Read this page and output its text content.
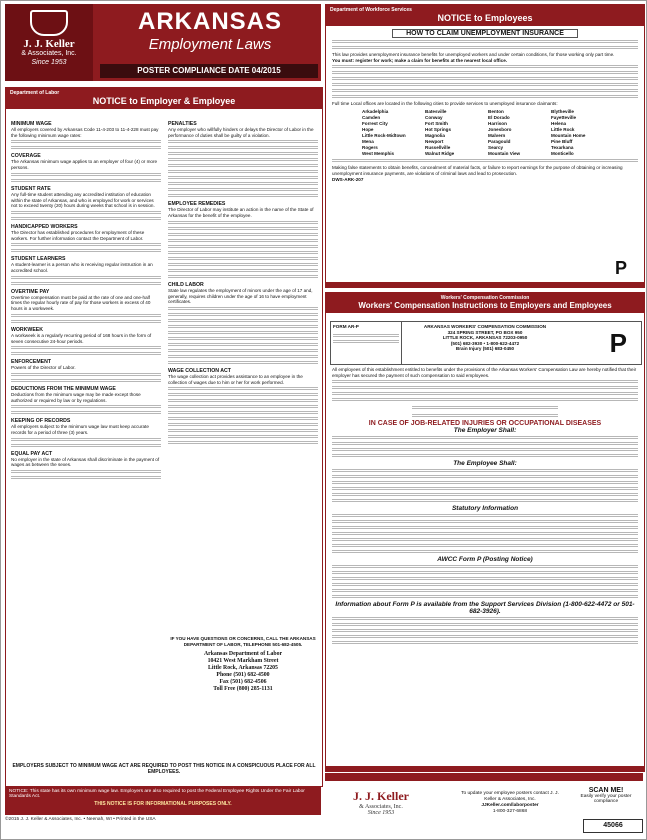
J. J. Keller
& Associates, Inc.
Since 1953
ARKANSAS
Employment Laws
POSTER COMPLIANCE DATE 04/2015
Department of Labor
NOTICE to Employer & Employee
MINIMUM WAGE
All employers covered by Arkansas Code 11-4-203 to 11-4-228 must pay the following minimum wage rates:
COVERAGE
The Arkansas minimum wage applies to an employer of four (4) or more persons.
STUDENT RATE
Any full-time student attending any accredited institution of education within the state of Arkansas, and who is employed for work or services not to exceed twenty (20) hours during weeks that school is in session.
HANDICAPPED WORKERS
The Director has established procedures for employment of these workers. For further information contact the Department of Labor.
STUDENT LEARNERS
A student-learner is a person who is receiving regular instruction in an accredited school.
OVERTIME PAY
Overtime compensation must be paid at the rate of one and one-half times the regular hourly rate of pay for those workers in excess of 40 hours in a workweek.
WORKWEEK
A workweek is a regularly recurring period of 168 hours in the form of seven consecutive 24-hour periods.
ENFORCEMENT
Powers of the Director of Labor.
DEDUCTIONS FROM THE MINIMUM WAGE
Deductions from the minimum wage may be made except those authorized or required by law or by regulations.
KEEPING OF RECORDS
All employers subject to the minimum wage law must keep accurate records for a period of three (3) years.
EQUAL PAY ACT
No employer in the state of Arkansas shall discriminate in the payment of wages as between the sexes.
PENALTIES
Any employer who willfully hinders or delays the Director of Labor in the performance of duties shall be guilty of a violation.
EMPLOYEE REMEDIES
The Director of Labor may institute an action in the name of the State of Arkansas for the benefit of the employee.
CHILD LABOR
State law regulates the employment of minors under the age of 17 and, generally, requires children under the age of 16 to have employment certificates.
WAGE COLLECTION ACT
The wage collection act provides assistance to an employee in the collection of wages due to him or her for work performed.
IF YOU HAVE QUESTIONS OR CONCERNS, CALL THE ARKANSAS DEPARTMENT OF LABOR, TELEPHONE 501-682-4505.
Arkansas Department of Labor
10421 West Markham Street
Little Rock, Arkansas 72205
Phone (501) 682-4500
Fax (501) 682-4506
Toll Free (800) 285-1131
EMPLOYERS SUBJECT TO MINIMUM WAGE ACT ARE REQUIRED TO POST THIS NOTICE IN A CONSPICUOUS PLACE FOR ALL EMPLOYEES.
NOTICE: This state has its own minimum wage law. Employers are also required to post the Federal Employee Rights Under the Fair Labor Standards Act.
THIS NOTICE IS FOR INFORMATIONAL PURPOSES ONLY.
©2015 J. J. Keller & Associates, Inc. • Neenah, WI • Printed in the USA
Department of Workforce Services
NOTICE to Employees
HOW TO CLAIM UNEMPLOYMENT INSURANCE
This law provides unemployment insurance benefits for unemployed workers and under certain conditions, for those working only part time.
You must: register for work; make a claim for benefits at the nearest local office.
Full time Local offices are located in the following cities to provide services to unemployed insurance claimants:
Arkadelphia	Batesville	Benton	Blytheville
Camden	Conway	El Dorado	Fayetteville
Forrest City	Fort Smith	Harrison	Helena
Hope	Hot Springs	Jonesboro	Little Rock
Little Rock-Midtown	Magnolia	Malvern	Mountain Home
Mena	Newport	Paragould	Pine Bluff
Rogers	Russellville	Searcy	Texarkana
West Memphis	Walnut Ridge	Mountain View	Monticello
Making false statements to obtain benefits, concealment of material facts, or failure to report earnings for the purpose of obtaining or increasing unemployment insurance payments, are violations of criminal laws and lead to prosecution.
DWS-ARK-207
P
Workers' Compensation Commission
Workers' Compensation Instructions to Employers and Employees
FORM AR-P	ARKANSAS WORKERS' COMPENSATION COMMISSION
324 SPRING STREET, PO BOX 950
LITTLE ROCK, ARKANSAS 72203-0950
(501) 682-3930 • 1-800-622-4472
Brain Injury (501) 683-0450	P
All employees of this establishment entitled to benefits under the provisions of the Arkansas Workers' Compensation Law are hereby notified that their employer has secured the payment of such compensation to said employees.
IN CASE OF JOB-RELATED INJURIES OR OCCUPATIONAL DISEASES
The Employer Shall:
The Employee Shall:
Statutory Information
AWCC Form P (Posting Notice)
Information about Form P is available from the Support Services Division (1-800-622-4472 or 501-682-3926).
J. J. Keller
& Associates, Inc.
Since 1953
To update your employee posters contact J. J. Keller & Associates, Inc.
JJKeller.com/laborposter
1-800-327-6868
SCAN ME!
Easily verify your poster compliance
45066
